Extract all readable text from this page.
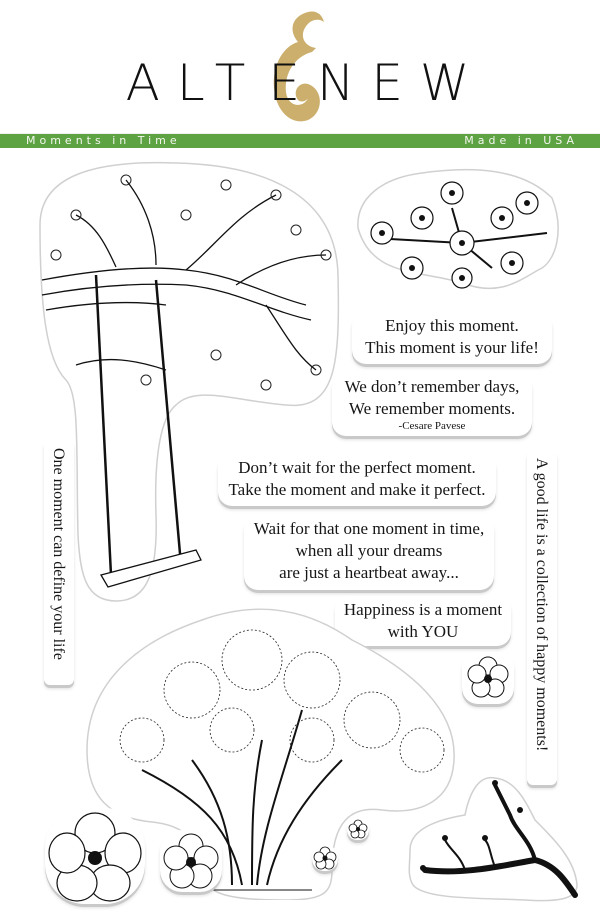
ALT ENEW
Moments in Time	Made in USA
One moment can define your life
Enjoy this moment.
This moment is your life!
We don’t remember days,
We remember moments.
-Cesare Pavese
Don’t wait for the perfect moment.
Take the moment and make it perfect.
Wait for that one moment in time,
when all your dreams
are just a heartbeat away...
Happiness is a moment
with YOU	A good life is a collection of happy moments!
